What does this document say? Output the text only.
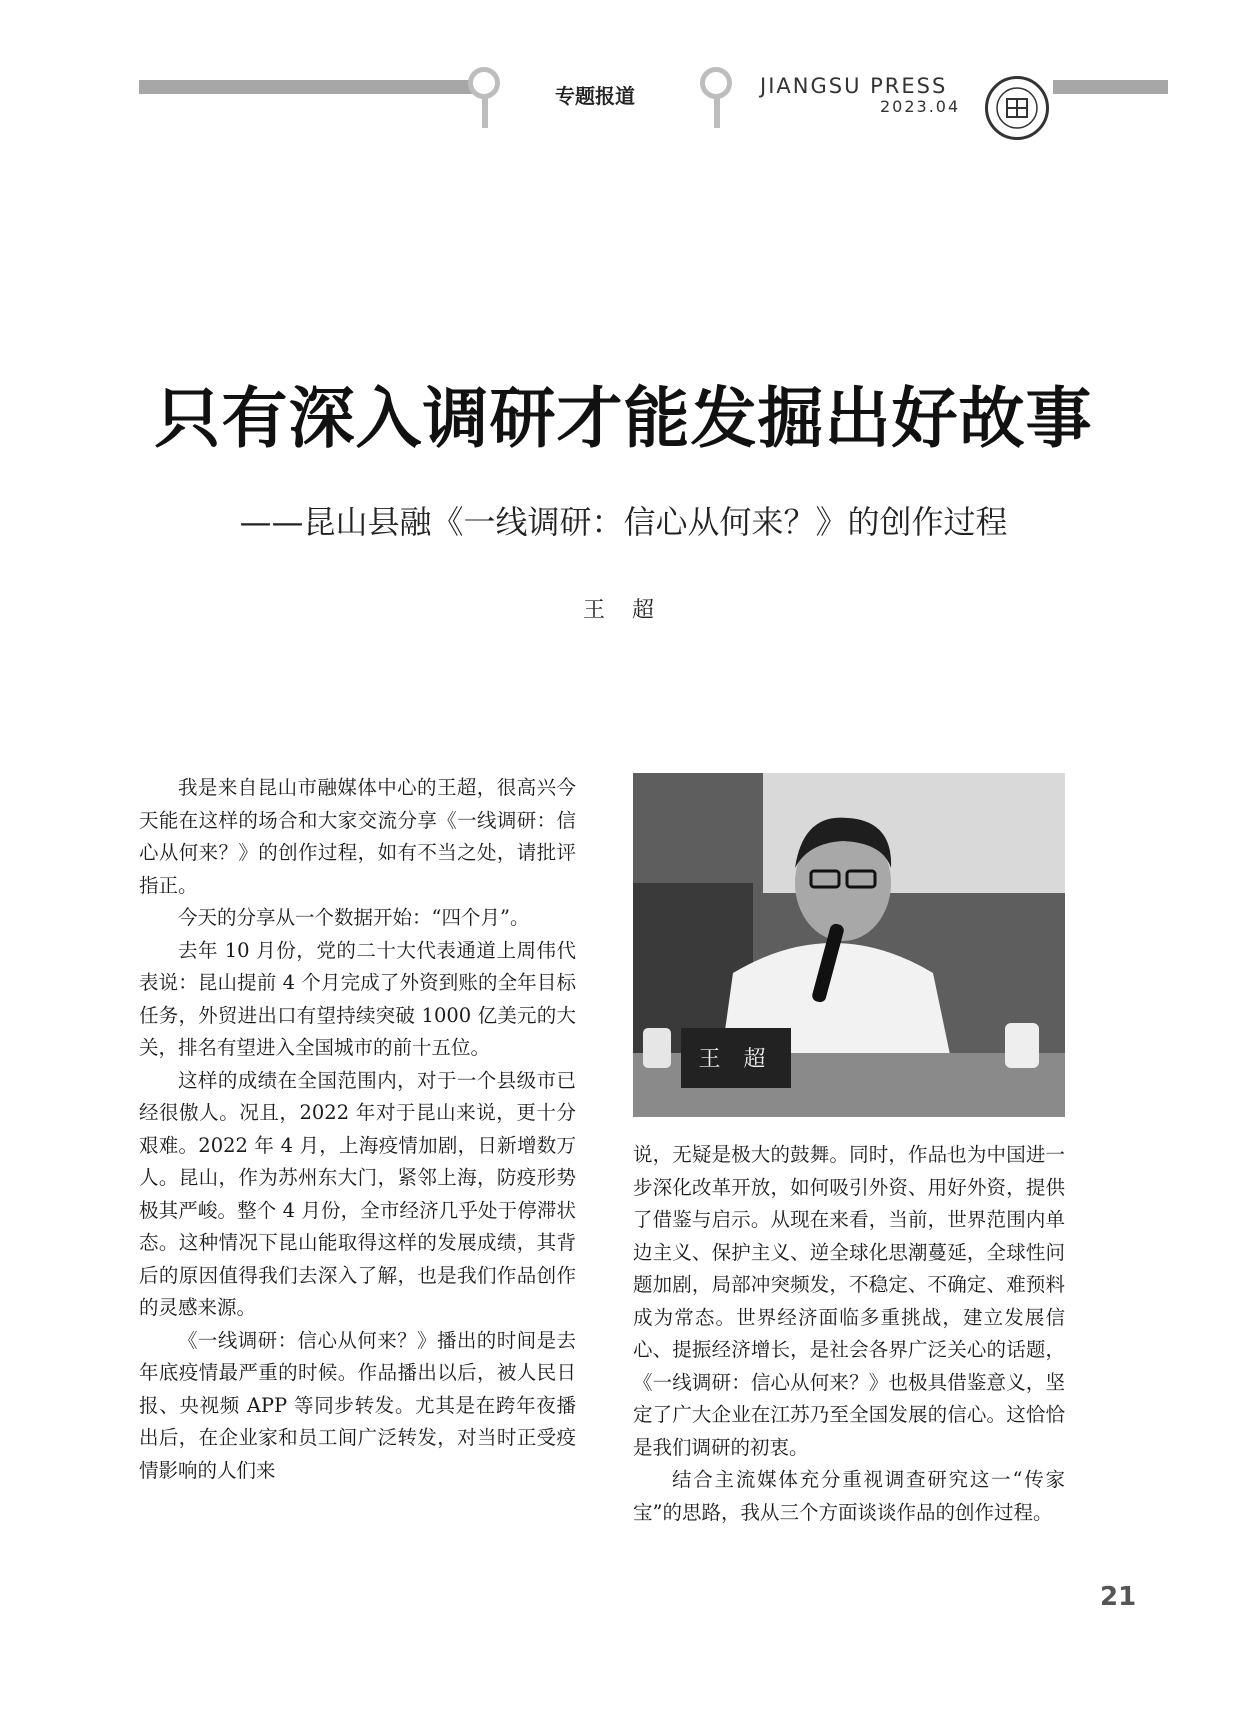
专题报道	JIANGSU PRESS
2023.04
只有深入调研才能发掘出好故事
——昆山县融《一线调研：信心从何来？》的创作过程
王 超

我是来自昆山市融媒体中心的王超，很高兴今天能在这样的场合和大家交流分享《一线调研：信心从何来？》的创作过程，如有不当之处，请批评指正。

今天的分享从一个数据开始：“四个月”。

去年 10 月份，党的二十大代表通道上周伟代表说：昆山提前 4 个月完成了外资到账的全年目标任务，外贸进出口有望持续突破 1000 亿美元的大关，排名有望进入全国城市的前十五位。

这样的成绩在全国范围内，对于一个县级市已经很傲人。况且，2022 年对于昆山来说，更十分艰难。2022 年 4 月，上海疫情加剧，日新增数万人。昆山，作为苏州东大门，紧邻上海，防疫形势极其严峻。整个 4 月份，全市经济几乎处于停滞状态。这种情况下昆山能取得这样的发展成绩，其背后的原因值得我们去深入了解，也是我们作品创作的灵感来源。

《一线调研：信心从何来？》播出的时间是去年底疫情最严重的时候。作品播出以后，被人民日报、央视频 APP 等同步转发。尤其是在跨年夜播出后，在企业家和员工间广泛转发，对当时正受疫情影响的人们来

王 超

说，无疑是极大的鼓舞。同时，作品也为中国进一步深化改革开放，如何吸引外资、用好外资，提供了借鉴与启示。从现在来看，当前，世界范围内单边主义、保护主义、逆全球化思潮蔓延，全球性问题加剧，局部冲突频发，不稳定、不确定、难预料成为常态。世界经济面临多重挑战，建立发展信心、提振经济增长，是社会各界广泛关心的话题，《一线调研：信心从何来？》也极具借鉴意义，坚定了广大企业在江苏乃至全国发展的信心。这恰恰是我们调研的初衷。

结合主流媒体充分重视调查研究这一“传家宝”的思路，我从三个方面谈谈作品的创作过程。

21
